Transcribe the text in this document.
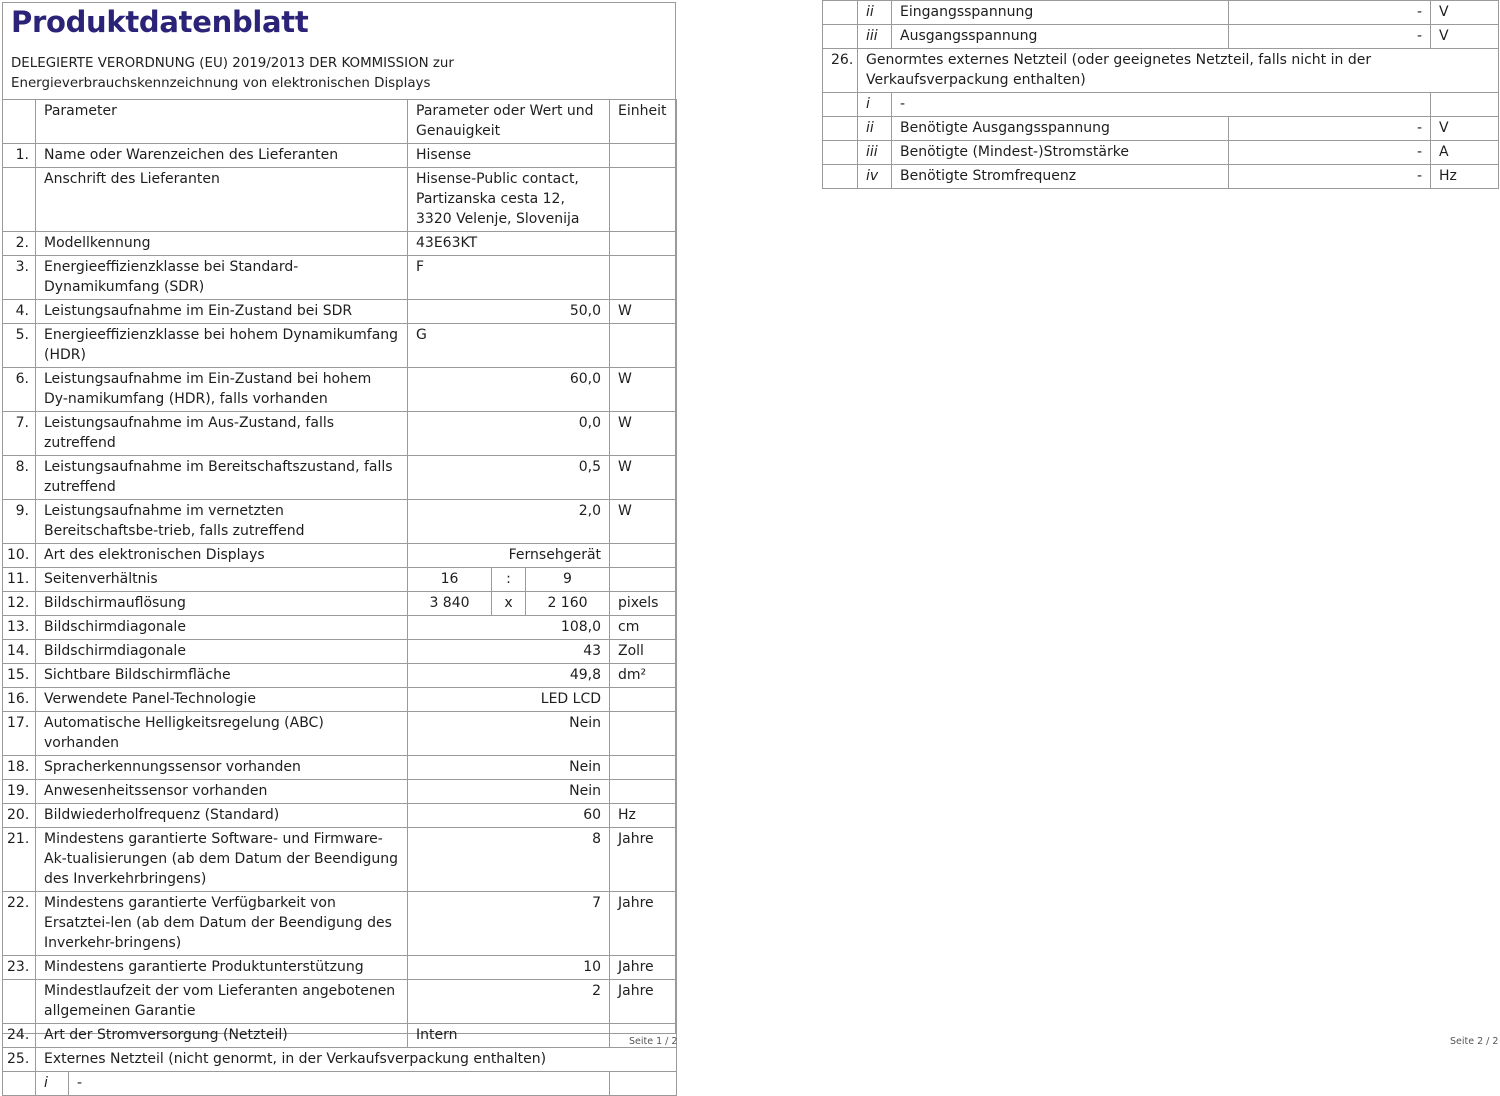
Produktdatenblatt
DELEGIERTE VERORDNUNG (EU) 2019/2013 DER KOMMISSION zur
Energieverbrauchskennzeichnung von elektronischen Displays
	Parameter		Parameter oder Wert und Genauigkeit			Einheit
1.	Name oder Warenzeichen des Lieferanten		Hisense			
	Anschrift des Lieferanten		Hisense-Public contact, Partizanska cesta 12, 3320 Velenje, Slovenija			
2.	Modellkennung		43E63KT			
3.	Energieeffizienzklasse bei Standard-Dynamikumfang (SDR)		F			
4.	Leistungsaufnahme im Ein-Zustand bei SDR		50,0			W
5.	Energieeffizienzklasse bei hohem Dynamikumfang (HDR)		G			
6.	Leistungsaufnahme im Ein-Zustand bei hohem Dy-namikumfang (HDR), falls vorhanden		60,0			W
7.	Leistungsaufnahme im Aus-Zustand, falls zutreffend		0,0			W
8.	Leistungsaufnahme im Bereitschaftszustand, falls zutreffend		0,5			W
9.	Leistungsaufnahme im vernetzten Bereitschaftsbe-trieb, falls zutreffend		2,0			W
10.	Art des elektronischen Displays		Fernsehgerät			
11.	Seitenverhältnis		16	:	9	
12.	Bildschirmauflösung		3 840	x	2 160	pixels
13.	Bildschirmdiagonale		108,0			cm
14.	Bildschirmdiagonale		43			Zoll
15.	Sichtbare Bildschirmfläche		49,8			dm²
16.	Verwendete Panel-Technologie		LED LCD			
17.	Automatische Helligkeitsregelung (ABC) vorhanden		Nein			
18.	Spracherkennungssensor vorhanden		Nein			
19.	Anwesenheitssensor vorhanden		Nein			
20.	Bildwiederholfrequenz (Standard)		60			Hz
21.	Mindestens garantierte Software- und Firmware-Ak-tualisierungen (ab dem Datum der Beendigung des Inverkehrbringens)		8			Jahre
22.	Mindestens garantierte Verfügbarkeit von Ersatztei-len (ab dem Datum der Beendigung des Inverkehr-bringens)		7			Jahre
23.	Mindestens garantierte Produktunterstützung		10			Jahre
	Mindestlaufzeit der vom Lieferanten angebotenen allgemeinen Garantie		2			Jahre
24.	Art der Stromversorgung (Netzteil)		Intern			
25.	Externes Netzteil (nicht genormt, in der Verkaufsverpackung enthalten)					
	i	-				
Seite 1 / 2
	ii	Eingangsspannung	-	V
	iii	Ausgangsspannung	-	V
26.	Genormtes externes Netzteil (oder geeignetes Netzteil, falls nicht in der Verkaufsverpackung enthalten)			
	i	-		
	ii	Benötigte Ausgangsspannung	-	V
	iii	Benötigte (Mindest-)Stromstärke	-	A
	iv	Benötigte Stromfrequenz	-	Hz
Seite 2 / 2
